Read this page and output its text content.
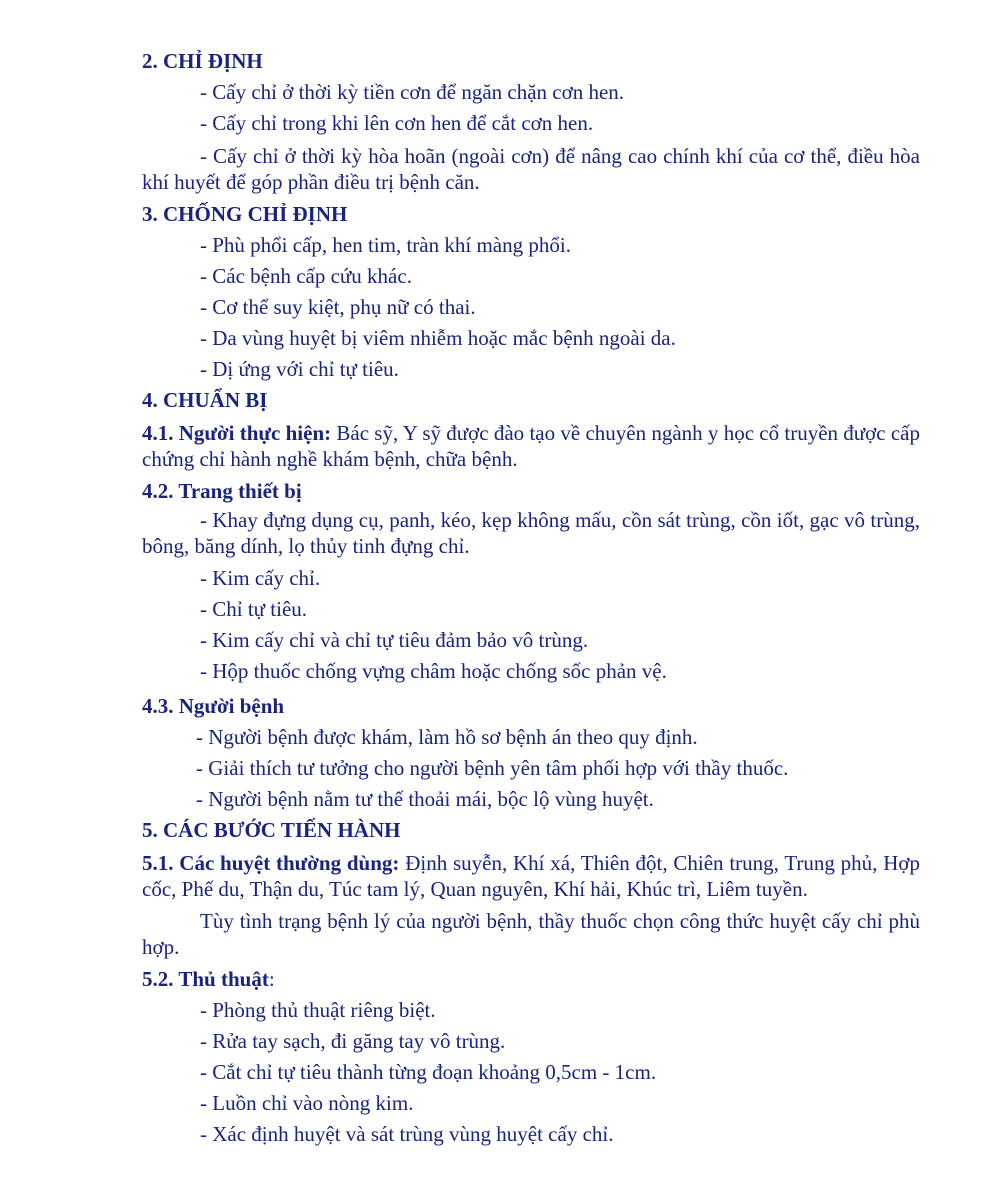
2. CHỈ ĐỊNH

- Cấy chỉ ở thời kỳ tiền cơn để ngăn chặn cơn hen.

- Cấy chỉ trong khi lên cơn hen để cắt cơn hen.

- Cấy chỉ ở thời kỳ hòa hoãn (ngoài cơn) để nâng cao chính khí của cơ thể, điều hòa khí huyết để góp phần điều trị bệnh căn.

3. CHỐNG CHỈ ĐỊNH

- Phù phổi cấp, hen tim, tràn khí màng phổi.

- Các bệnh cấp cứu khác.

- Cơ thể suy kiệt, phụ nữ có thai.

- Da vùng huyệt bị viêm nhiễm hoặc mắc bệnh ngoài da.

- Dị ứng với chỉ tự tiêu.

4. CHUẨN BỊ

4.1. Người thực hiện: Bác sỹ, Y sỹ được đào tạo về chuyên ngành y học cổ truyền được cấp chứng chỉ hành nghề khám bệnh, chữa bệnh.

4.2. Trang thiết bị

- Khay đựng dụng cụ, panh, kéo, kẹp không mấu, cồn sát trùng, cồn iốt, gạc vô trùng, bông, băng dính, lọ thủy tinh đựng chỉ.

- Kim cấy chỉ.

- Chỉ tự tiêu.

- Kim cấy chỉ và chỉ tự tiêu đảm bảo vô trùng.

- Hộp thuốc chống vựng châm hoặc chống sốc phản vệ.

4.3. Người bệnh

- Người bệnh được khám, làm hồ sơ bệnh án theo quy định.

- Giải thích tư tưởng cho người bệnh yên tâm phối hợp với thầy thuốc.

- Người bệnh nằm tư thế thoải mái, bộc lộ vùng huyệt.

5. CÁC BƯỚC TIẾN HÀNH

5.1. Các huyệt thường dùng: Định suyễn, Khí xá, Thiên đột, Chiên trung, Trung phủ, Hợp cốc, Phế du, Thận du, Túc tam lý, Quan nguyên, Khí hải, Khúc trì, Liêm tuyền.

Tùy tình trạng bệnh lý của người bệnh, thầy thuốc chọn công thức huyệt cấy chỉ phù hợp.

5.2. Thủ thuật:

- Phòng thủ thuật riêng biệt.

- Rửa tay sạch, đi găng tay vô trùng.

- Cắt chỉ tự tiêu thành từng đoạn khoảng 0,5cm - 1cm.

- Luồn chỉ vào nòng kim.

- Xác định huyệt và sát trùng vùng huyệt cấy chỉ.
